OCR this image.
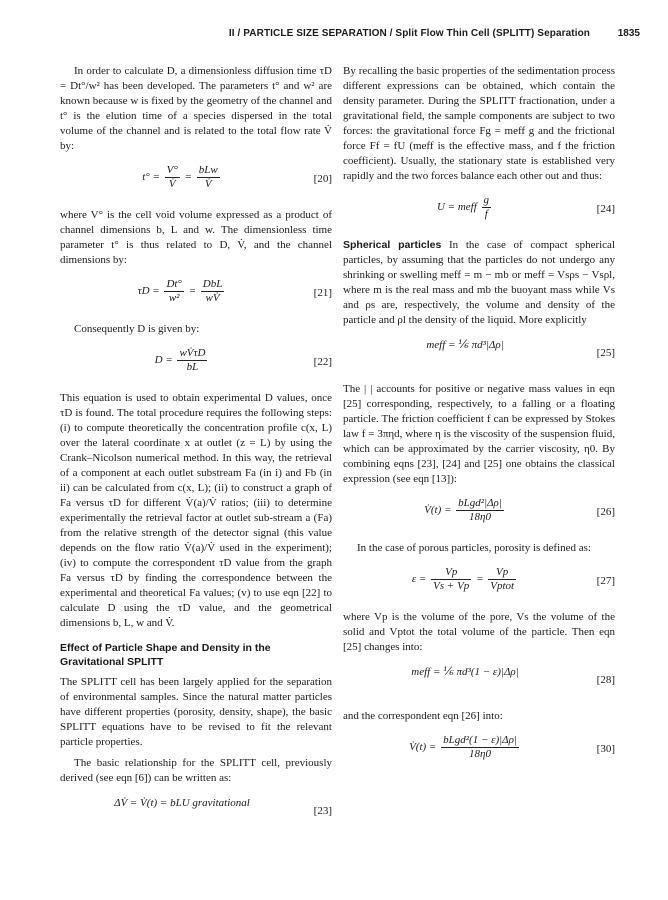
II / PARTICLE SIZE SEPARATION / Split Flow Thin Cell (SPLITT) Separation	1835

In order to calculate D, a dimensionless diffusion time τD = Dt°/w² has been developed. The parameters t° and w² are known because w is fixed by the geometry of the channel and t° is the elution time of a species dispersed in the total volume of the channel and is related to the total flow rate V̇ by:

$t^\circ = \frac{V^\circ}{V̇} = \frac{\text{bLw}}{V̇}$	[20]

where V° is the cell void volume expressed as a product of channel dimensions b, L and w. The dimensionless time parameter t° is thus related to D, V̇, and the channel dimensions by:

$\tau D = \frac{Dt^\circ}{\text{w²}} = \frac{\text{DbL}}{wV̇}$	[21]

Consequently D is given by:

$D = \frac{wV̇\tau D}{bL}$	[22]

This equation is used to obtain experimental D values, once τD is found. The total procedure requires the following steps: (i) to compute theoretically the concentration profile c(x, L) over the lateral coordinate x at outlet (z = L) by using the Crank–Nicolson numerical method. In this way, the retrieval of a component at each outlet substream Fa (in i) and Fb (in ii) can be calculated from c(x, L); (ii) to construct a graph of Fa versus τD for different V̇(a)/V̇ ratios; (iii) to determine experimentally the retrieval factor at outlet sub-stream a (Fa) from the relative strength of the detector signal (this value depends on the flow ratio V̇(a)/V̇ used in the experiment); (iv) to compute the correspondent τD value from the graph Fa versus τD by finding the correspondence between the experimental and theoretical Fa values; (v) to use eqn [22] to calculate D using the τD value, and the geometrical dimensions b, L, w and V̇.

Effect of Particle Shape and Density in the Gravitational SPLITT

The SPLITT cell has been largely applied for the separation of environmental samples. Since the natural matter particles have different properties (porosity, density, shape), the basic SPLITT equations have to be revised to fit the relevant particle properties.

The basic relationship for the SPLITT cell, previously derived (see eqn [6]) can be written as:

ΔV̇ = V̇(t) = bLU gravitational
[23]

By recalling the basic properties of the sedimentation process different expressions can be obtained, which contain the density parameter. During the SPLITT fractionation, under a gravitational field, the sample components are subject to two forces: the gravitational force Fg = meff g and the frictional force Ff = fU (meff is the effective mass, and f the friction coefficient). Usually, the stationary state is established very rapidly and the two forces balance each other out and thus:

U = meff $\frac{g}{f}$	[24]

Spherical particles In the case of compact spherical particles, by assuming that the particles do not undergo any shrinking or swelling meff = m − mb or meff = Vsρs − Vsρl, where m is the real mass and mb the buoyant mass while Vs and ρs are, respectively, the volume and density of the particle and ρl the density of the liquid. More explicitly

meff = ⅙ πd³|Δρ|
[25]

The | | accounts for positive or negative mass values in eqn [25] corresponding, respectively, to a falling or a floating particle. The friction coefficient f can be expressed by Stokes law f = 3πηd, where η is the viscosity of the suspension fluid, which can be approximated by the carrier viscosity, η0. By combining eqns [23], [24] and [25] one obtains the classical expression (see eqn [13]):

V̇(t) = $\frac{\text{bLgd²|Δρ|}}{18\eta 0}$	[26]

In the case of porous particles, porosity is defined as:

$\varepsilon = \frac{Vp}{Vs + Vp} = \frac{Vp}{\text{Vptot}}$	[27]

where Vp is the volume of the pore, Vs the volume of the solid and Vptot the total volume of the particle. Then eqn [25] changes into:

meff = ⅙ πd³(1 − ε)|Δρ|
[28]

and the correspondent eqn [26] into:

V̇(t) = $\frac{\text{bLgd²(1 − ε)|Δρ|}}{18\eta 0}$	[30]
